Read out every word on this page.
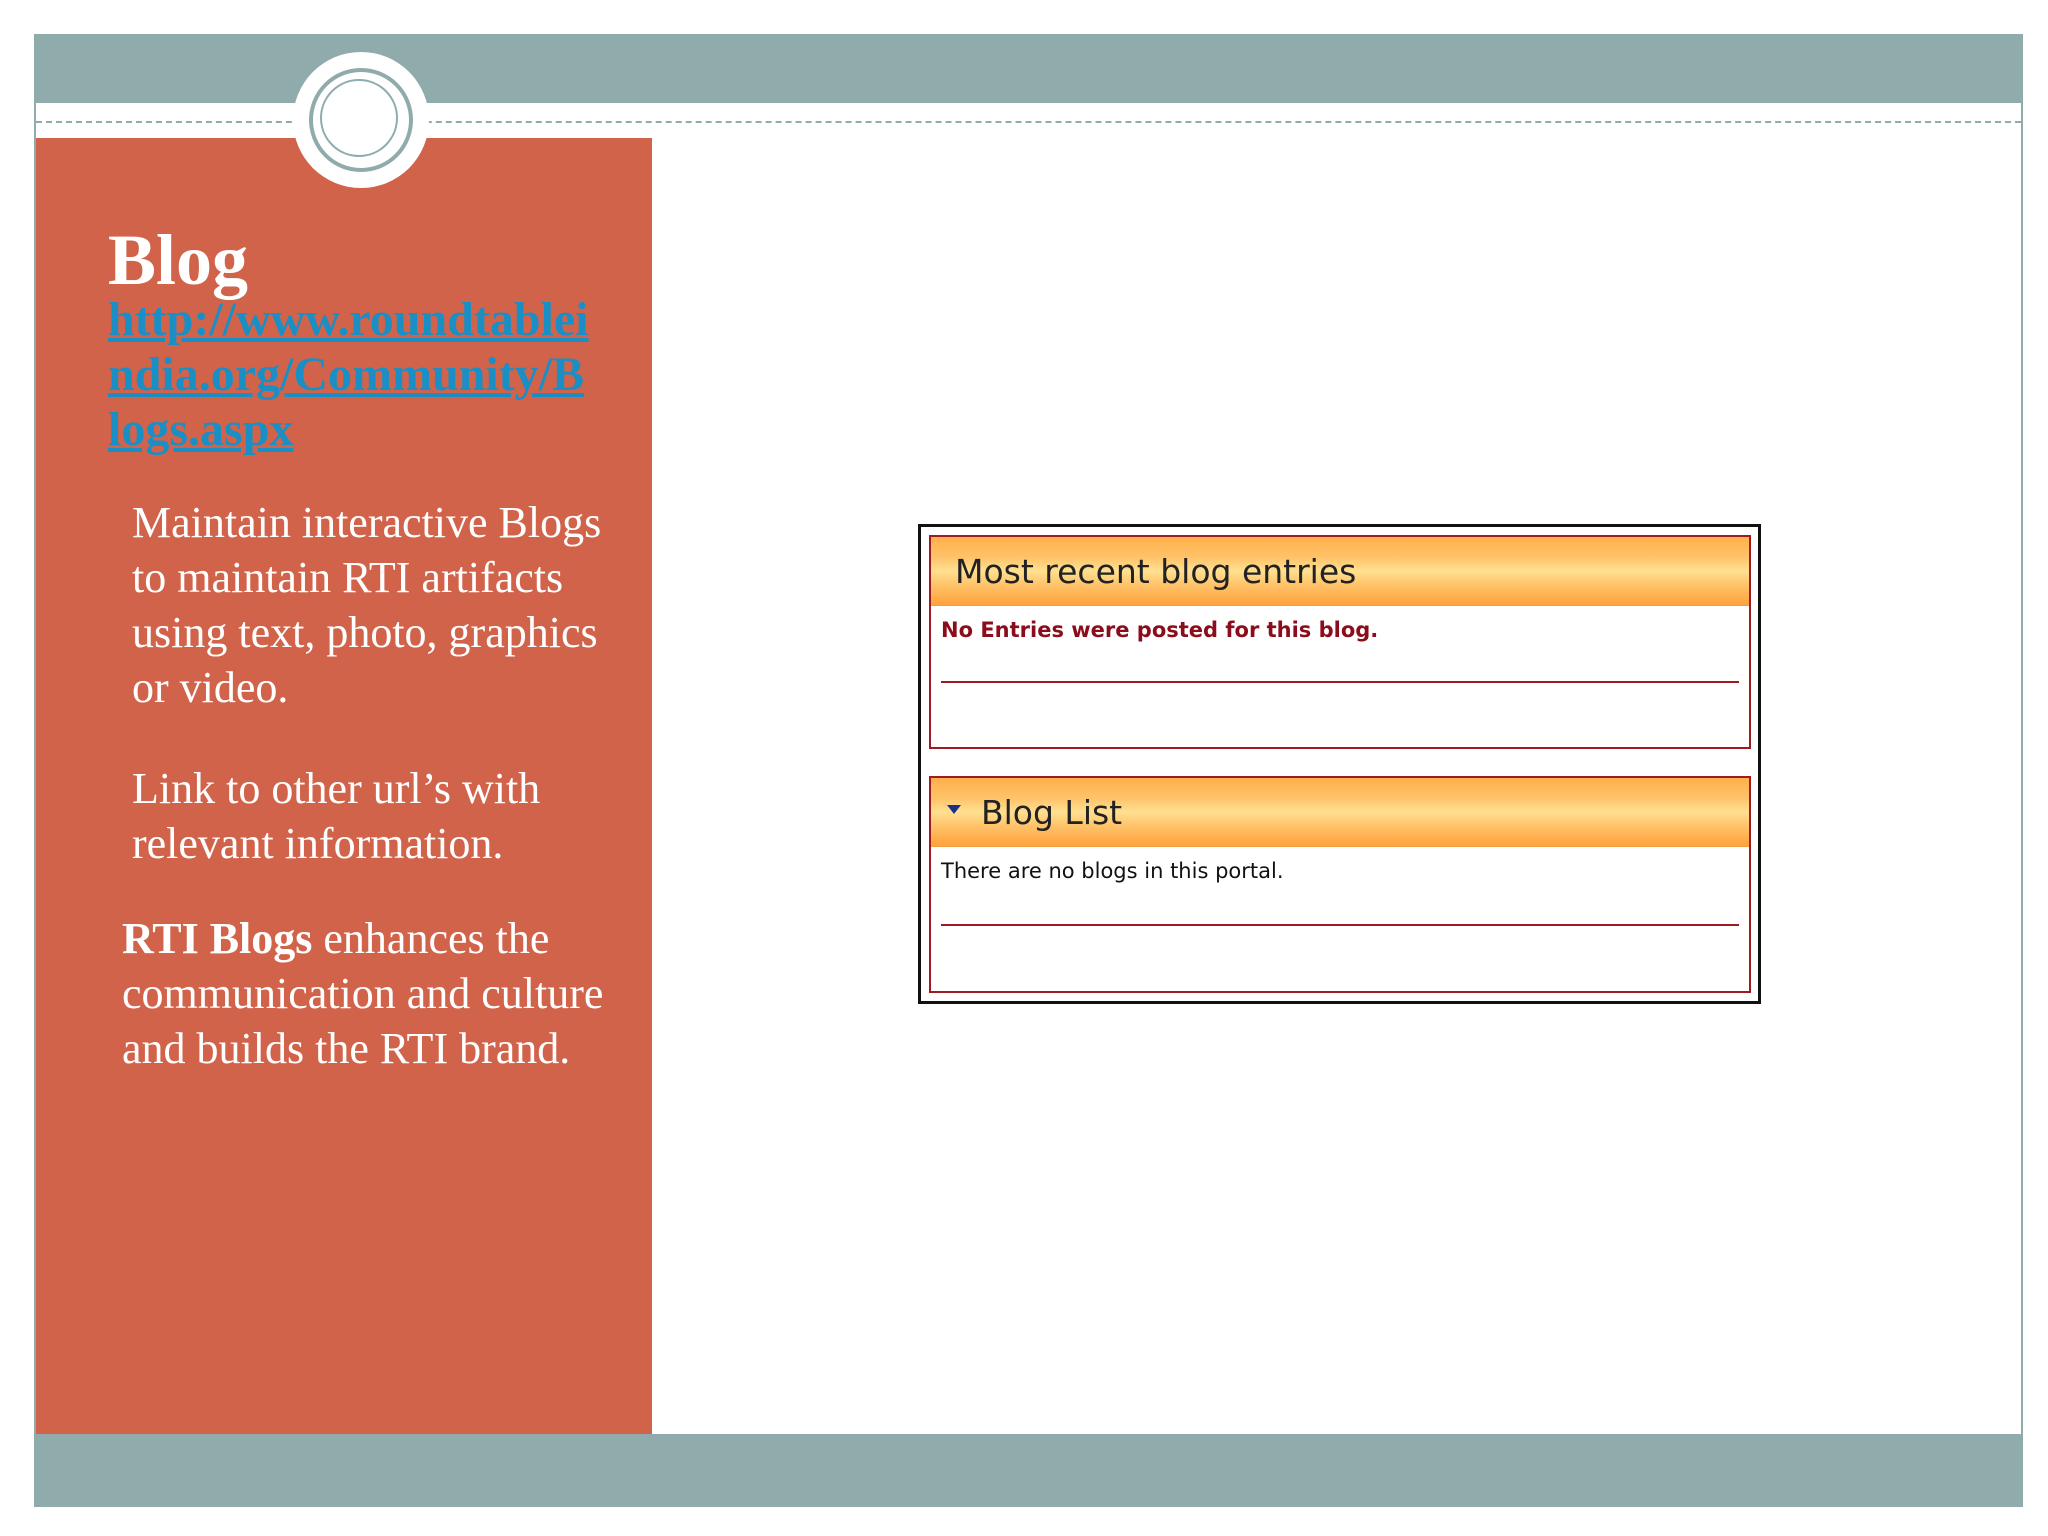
Blog
http://www.roundtableindia.org/Community/Blogs.aspx

Maintain interactive Blogs to maintain RTI artifacts using text, photo, graphics or video.

Link to other url’s with relevant information.

RTI Blogs enhances the communication and culture and builds the RTI brand.

Most recent blog entries
No Entries were posted for this blog.
Blog List
There are no blogs in this portal.
